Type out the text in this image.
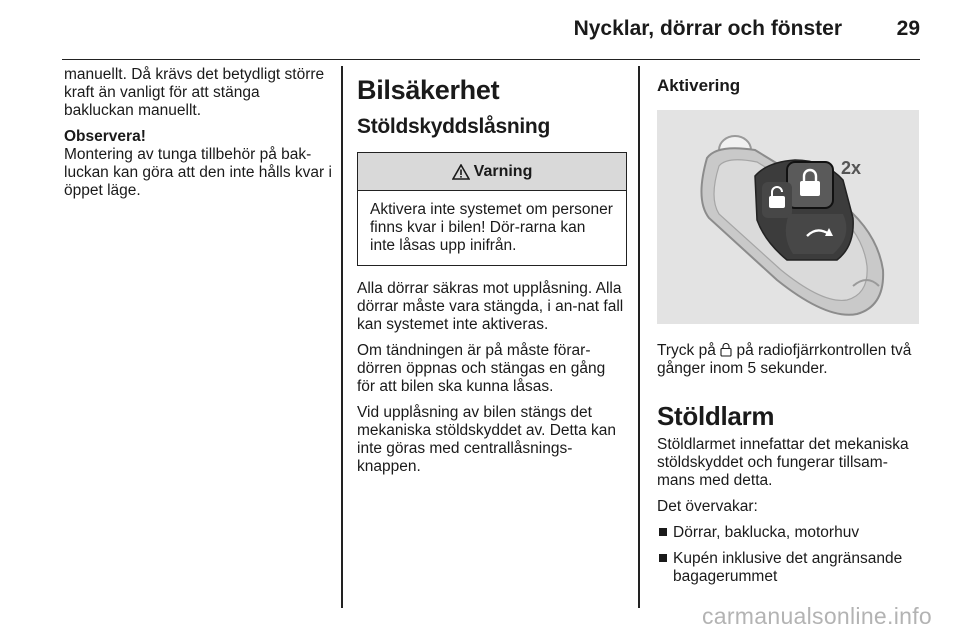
Nycklar, dörrar och fönster	29

manuellt. Då krävs det betydligt större kraft än vanligt för att stänga bakluckan manuellt.

Observera!

Montering av tunga tillbehör på bak-luckan kan göra att den inte hålls kvar i öppet läge.

Bilsäkerhet
Stöldskyddslåsning
Varning

Aktivera inte systemet om personer finns kvar i bilen! Dör-rarna kan inte låsas upp inifrån.

Alla dörrar säkras mot upplåsning. Alla dörrar måste vara stängda, i an-nat fall kan systemet inte aktiveras.

Om tändningen är på måste förar-dörren öppnas och stängas en gång för att bilen ska kunna låsas.

Vid upplåsning av bilen stängs det mekaniska stöldskyddet av. Detta kan inte göras med centrallåsnings-knappen.

Aktivering
2x

Tryck på på radiofjärrkontrollen två gånger inom 5 sekunder.

Stöldlarm

Stöldlarmet innefattar det mekaniska stöldskyddet och fungerar tillsam-mans med detta.

Det övervakar:

Dörrar, baklucka, motorhuv
Kupén inklusive det angränsande bagagerummet
carmanualsonline.info
